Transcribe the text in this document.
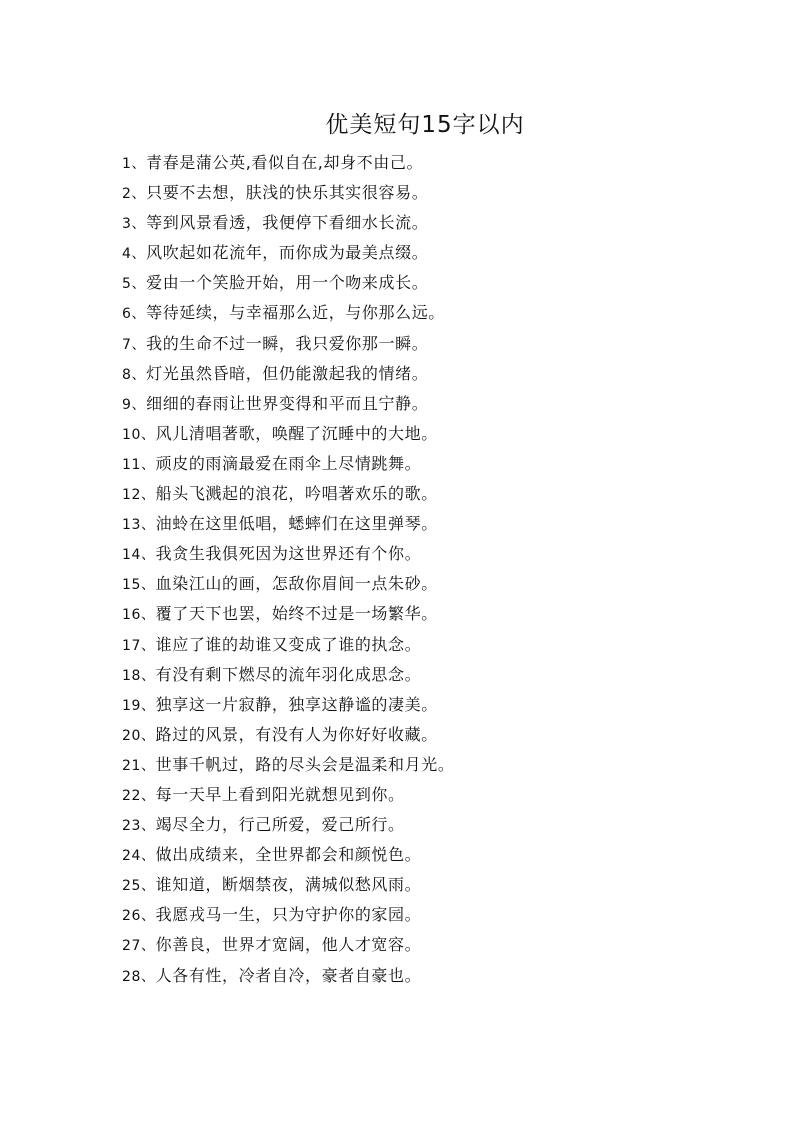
优美短句15字以内
1、青春是蒲公英,看似自在,却身不由己。
2、只要不去想，肤浅的快乐其实很容易。
3、等到风景看透，我便停下看细水长流。
4、风吹起如花流年，而你成为最美点缀。
5、爱由一个笑脸开始，用一个吻来成长。
6、等待延续，与幸福那么近，与你那么远。
7、我的生命不过一瞬，我只爱你那一瞬。
8、灯光虽然昏暗，但仍能激起我的情绪。
9、细细的春雨让世界变得和平而且宁静。
10、风儿清唱著歌，唤醒了沉睡中的大地。
11、顽皮的雨滴最爱在雨伞上尽情跳舞。
12、船头飞溅起的浪花，吟唱著欢乐的歌。
13、油蛉在这里低唱，蟋蟀们在这里弹琴。
14、我贪生我俱死因为这世界还有个你。
15、血染江山的画，怎敌你眉间一点朱砂。
16、覆了天下也罢，始终不过是一场繁华。
17、谁应了谁的劫谁又变成了谁的执念。
18、有没有剩下燃尽的流年羽化成思念。
19、独享这一片寂静，独享这静谧的凄美。
20、路过的风景，有没有人为你好好收藏。
21、世事千帆过，路的尽头会是温柔和月光。
22、每一天早上看到阳光就想见到你。
23、竭尽全力，行己所爱，爱己所行。
24、做出成绩来，全世界都会和颜悦色。
25、谁知道，断烟禁夜，满城似愁风雨。
26、我愿戎马一生，只为守护你的家园。
27、你善良，世界才宽阔，他人才宽容。
28、人各有性，冷者自冷，豪者自豪也。
